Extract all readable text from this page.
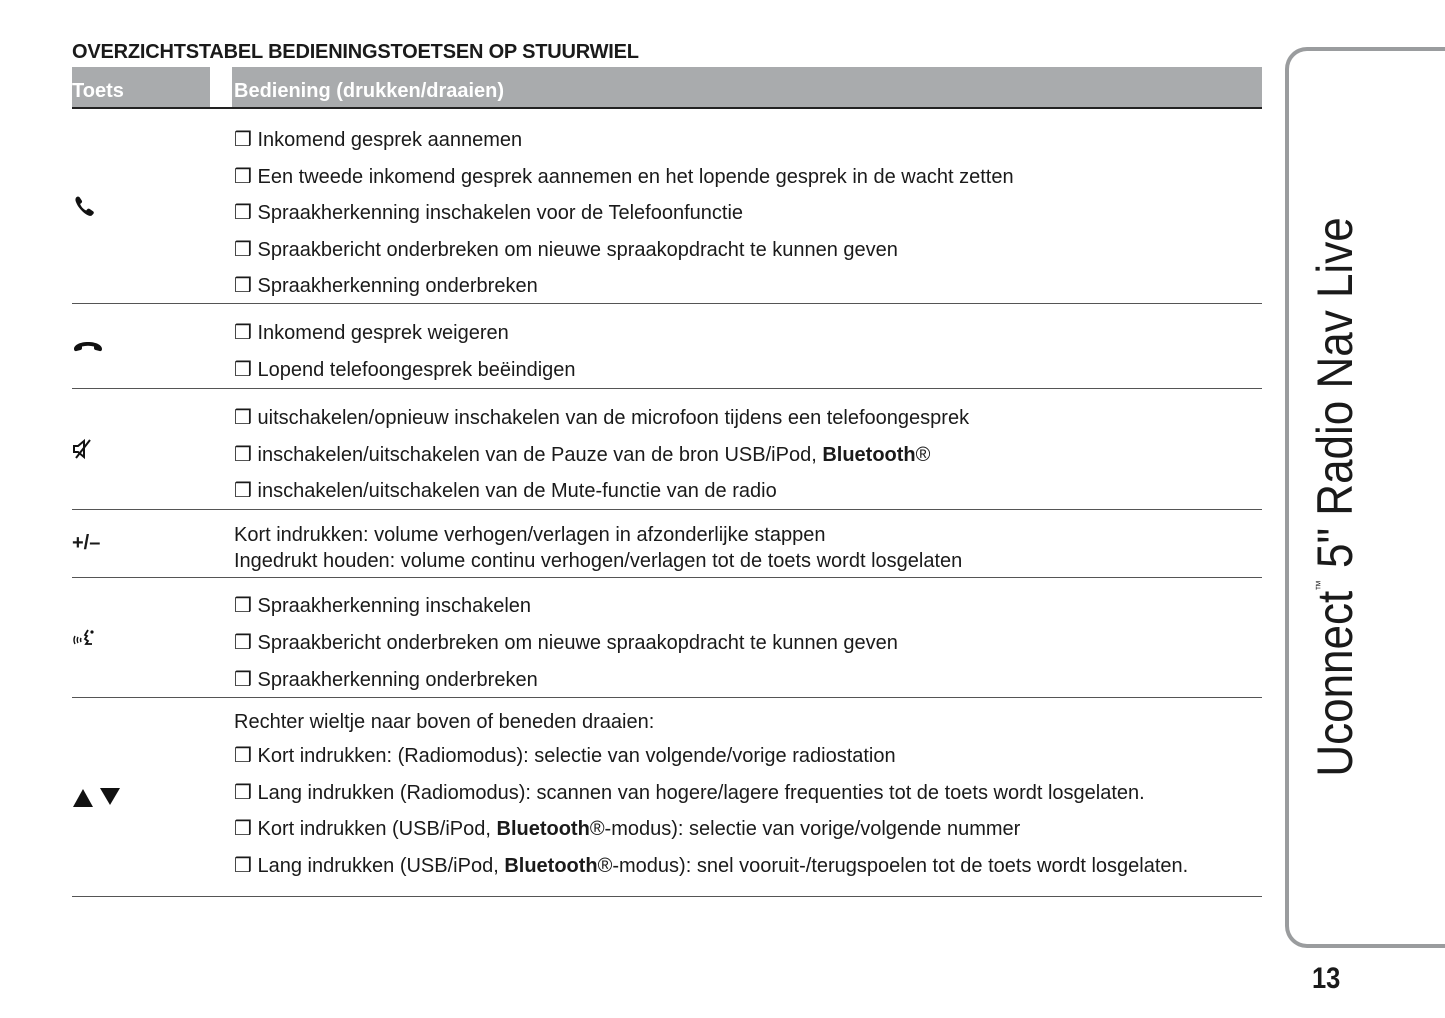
OVERZICHTSTABEL BEDIENINGSTOETSEN OP STUURWIEL
Toets	Bediening (drukken/draaien)
❒ Inkomend gesprek aannemen
❒ Een tweede inkomend gesprek aannemen en het lopende gesprek in de wacht zetten
❒ Spraakherkenning inschakelen voor de Telefoonfunctie
❒ Spraakbericht onderbreken om nieuwe spraakopdracht te kunnen geven
❒ Spraakherkenning onderbreken
❒ Inkomend gesprek weigeren
❒ Lopend telefoongesprek beëindigen
❒ uitschakelen/opnieuw inschakelen van de microfoon tijdens een telefoongesprek
❒ inschakelen/uitschakelen van de Pauze van de bron USB/iPod, Bluetooth®
❒ inschakelen/uitschakelen van de Mute-functie van de radio
+/–	Kort indrukken: volume verhogen/verlagen in afzonderlijke stappen
Ingedrukt houden: volume continu verhogen/verlagen tot de toets wordt losgelaten
❒ Spraakherkenning inschakelen
❒ Spraakbericht onderbreken om nieuwe spraakopdracht te kunnen geven
❒ Spraakherkenning onderbreken
Rechter wieltje naar boven of beneden draaien:
❒ Kort indrukken: (Radiomodus): selectie van volgende/vorige radiostation
❒ Lang indrukken (Radiomodus): scannen van hogere/lagere frequenties tot de toets wordt losgelaten.
❒ Kort indrukken (USB/iPod, Bluetooth®-modus): selectie van vorige/volgende nummer
❒ Lang indrukken (USB/iPod, Bluetooth®-modus): snel vooruit-/terugspoelen tot de toets wordt losgelaten.
Uconnect™ 5" Radio Nav Live
13
